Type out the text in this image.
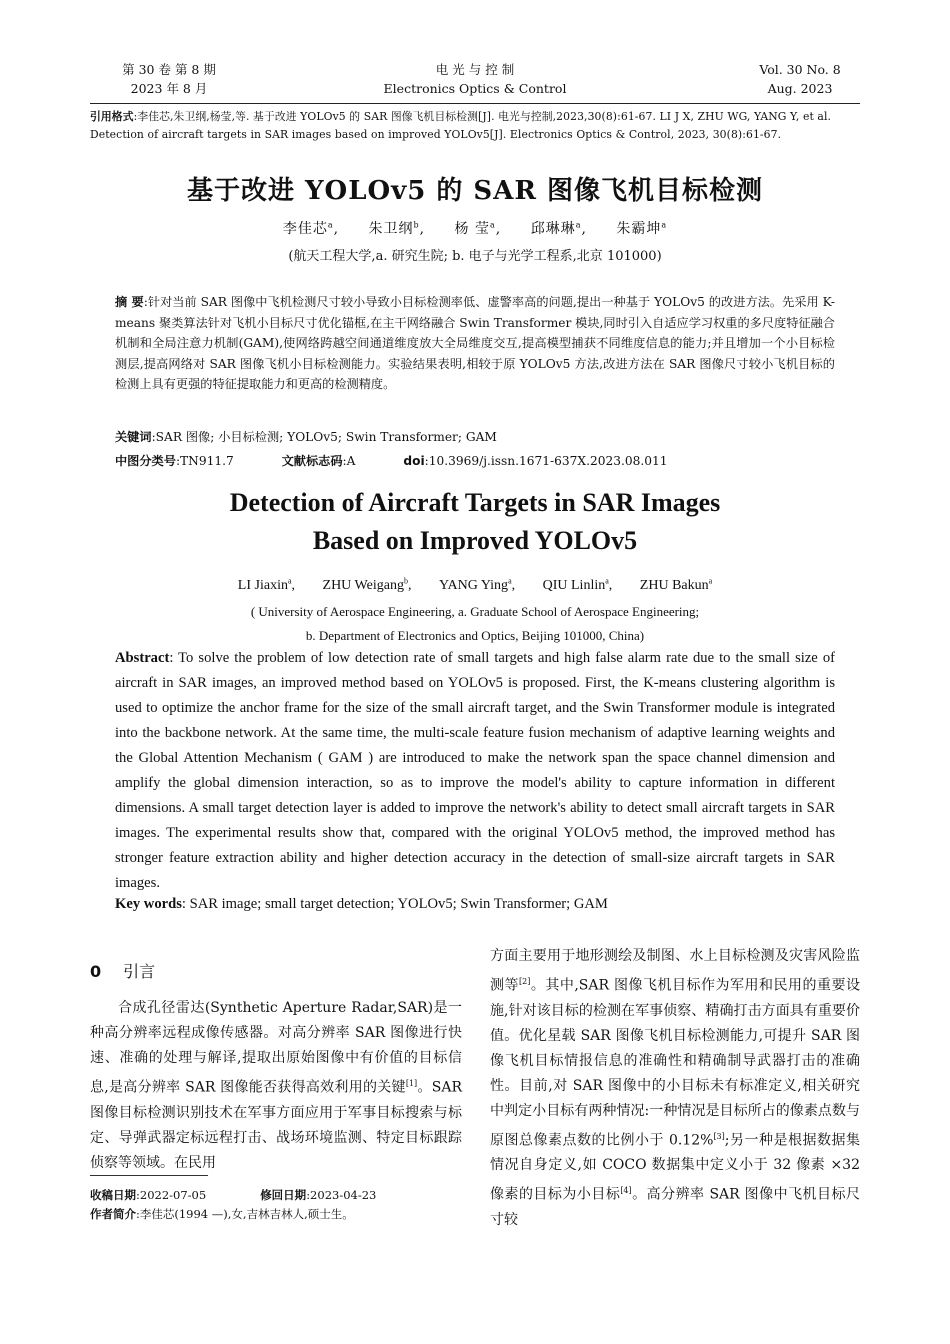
第 30 卷 第 8 期
2023 年 8 月
电 光 与 控 制
Electronics Optics & Control
Vol. 30 No. 8
Aug. 2023
引用格式:李佳芯,朱卫纲,杨莹,等. 基于改进 YOLOv5 的 SAR 图像飞机目标检测[J]. 电光与控制,2023,30(8):61-67. LI J X, ZHU WG, YANG Y, et al. Detection of aircraft targets in SAR images based on improved YOLOv5[J]. Electronics Optics & Control, 2023, 30(8):61-67.
基于改进 YOLOv5 的 SAR 图像飞机目标检测
李佳芯$^a$, 朱卫纲$^b$, 杨 莹$^a$, 邱琳琳$^a$, 朱霸坤$^a$
(航天工程大学,a. 研究生院; b. 电子与光学工程系,北京 101000)
摘 要:针对当前 SAR 图像中飞机检测尺寸较小导致小目标检测率低、虚警率高的问题,提出一种基于 YOLOv5 的改进方法。先采用 K-means 聚类算法针对飞机小目标尺寸优化锚框,在主干网络融合 Swin Transformer 模块,同时引入自适应学习权重的多尺度特征融合机制和全局注意力机制(GAM),使网络跨越空间通道维度放大全局维度交互,提高模型捕获不同维度信息的能力;并且增加一个小目标检测层,提高网络对 SAR 图像飞机小目标检测能力。实验结果表明,相较于原 YOLOv5 方法,改进方法在 SAR 图像尺寸较小飞机目标的检测上具有更强的特征提取能力和更高的检测精度。
关键词:SAR 图像; 小目标检测; YOLOv5; Swin Transformer; GAM
中图分类号:TN911.7	文献标志码:A	doi:10.3969/j.issn.1671-637X.2023.08.011
Detection of Aircraft Targets in SAR Images
Based on Improved YOLOv5
LI Jiaxin$^a$, ZHU Weigang$^b$, YANG Ying$^a$, QIU Linlin$^a$, ZHU Bakun$^a$
( University of Aerospace Engineering, a. Graduate School of Aerospace Engineering;
b. Department of Electronics and Optics, Beijing 101000, China)
Abstract: To solve the problem of low detection rate of small targets and high false alarm rate due to the small size of aircraft in SAR images, an improved method based on YOLOv5 is proposed. First, the K-means clustering algorithm is used to optimize the anchor frame for the size of the small aircraft target, and the Swin Transformer module is integrated into the backbone network. At the same time, the multi-scale feature fusion mechanism of adaptive learning weights and the Global Attention Mechanism ( GAM ) are introduced to make the network span the space channel dimension and amplify the global dimension interaction, so as to improve the model's ability to capture information in different dimensions. A small target detection layer is added to improve the network's ability to detect small aircraft targets in SAR images. The experimental results show that, compared with the original YOLOv5 method, the improved method has stronger feature extraction ability and higher detection accuracy in the detection of small-size aircraft targets in SAR images.
Key words: SAR image; small target detection; YOLOv5; Swin Transformer; GAM
0 引言
合成孔径雷达(Synthetic Aperture Radar,SAR)是一种高分辨率远程成像传感器。对高分辨率 SAR 图像进行快速、准确的处理与解译,提取出原始图像中有价值的目标信息,是高分辨率 SAR 图像能否获得高效利用的关键[1]。SAR 图像目标检测识别技术在军事方面应用于军事目标搜索与标定、导弹武器定标远程打击、战场环境监测、特定目标跟踪侦察等领域。在民用
方面主要用于地形测绘及制图、水上目标检测及灾害风险监测等[2]。其中,SAR 图像飞机目标作为军用和民用的重要设施,针对该目标的检测在军事侦察、精确打击方面具有重要价值。优化星载 SAR 图像飞机目标检测能力,可提升 SAR 图像飞机目标情报信息的准确性和精确制导武器打击的准确性。目前,对 SAR 图像中的小目标未有标准定义,相关研究中判定小目标有两种情况:一种情况是目标所占的像素点数与原图总像素点数的比例小于 0.12%[3];另一种是根据数据集情况自身定义,如 COCO 数据集中定义小于 32 像素 ×32 像素的目标为小目标[4]。高分辨率 SAR 图像中飞机目标尺寸较
收稿日期:2022-07-05	修回日期:2023-04-23
作者简介:李佳芯(1994 —),女,吉林吉林人,硕士生。
